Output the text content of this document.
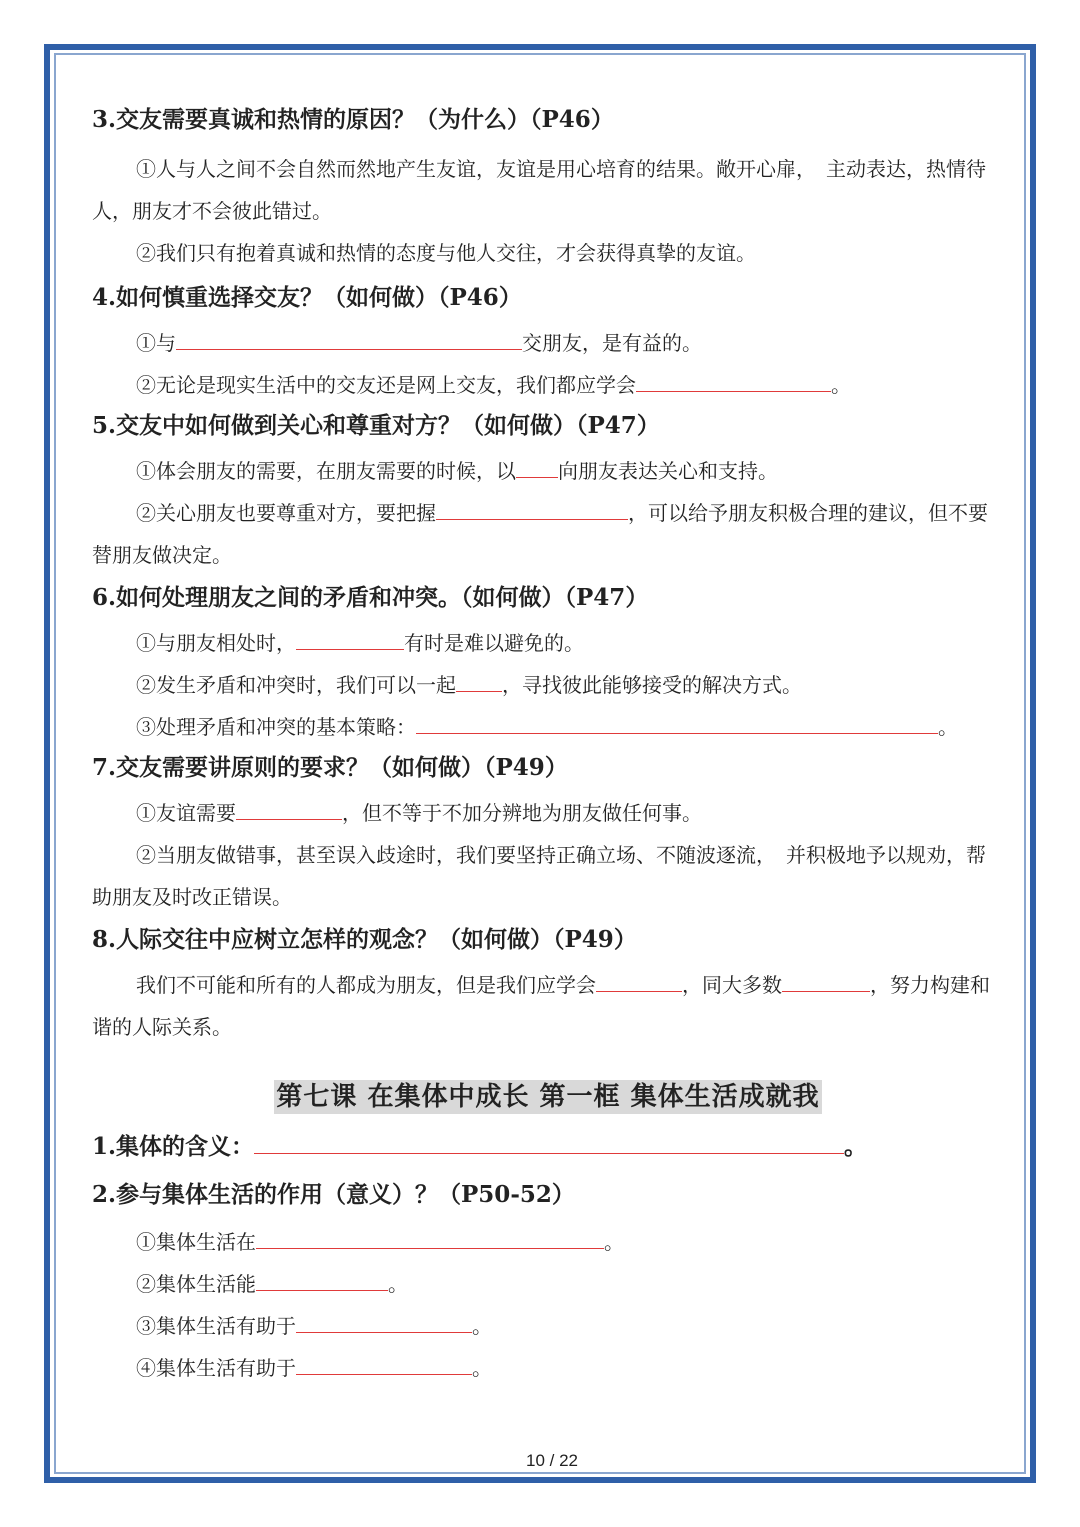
3.交友需要真诚和热情的原因？（为什么）（P46）

①人与人之间不会自然而然地产生友谊，友谊是用心培育的结果。敞开心扉，　主动表达，热情待人，朋友才不会彼此错过。

②我们只有抱着真诚和热情的态度与他人交往，才会获得真挚的友谊。

4.如何慎重选择交友？（如何做）（P46）

①与	交朋友，是有益的。

②无论是现实生活中的交友还是网上交友，我们都应学会	。

5.交友中如何做到关心和尊重对方？（如何做）（P47）

①体会朋友的需要，在朋友需要的时候，以 向朋友表达关心和支持。

②关心朋友也要尊重对方，要把握	，可以给予朋友积极合理的建议，但不要替朋友做决定。

6.如何处理朋友之间的矛盾和冲突。（如何做）（P47）

①与朋友相处时，	有时是难以避免的。

②发生矛盾和冲突时，我们可以一起 ，寻找彼此能够接受的解决方式。

③处理矛盾和冲突的基本策略：	。

7.交友需要讲原则的要求？（如何做）（P49）

①友谊需要	，但不等于不加分辨地为朋友做任何事。

②当朋友做错事，甚至误入歧途时，我们要坚持正确立场、不随波逐流，　并积极地予以规劝，帮助朋友及时改正错误。

8.人际交往中应树立怎样的观念？（如何做）（P49）

我们不可能和所有的人都成为朋友，但是我们应学会	，同大多数	，努力构建和谐的人际关系。

第七课 在集体中成长 第一框 集体生活成就我

1.集体的含义：	。

2.参与集体生活的作用（意义）？（P50-52）

①集体生活在	。

②集体生活能	。

③集体生活有助于	。

④集体生活有助于	。

10 / 22
